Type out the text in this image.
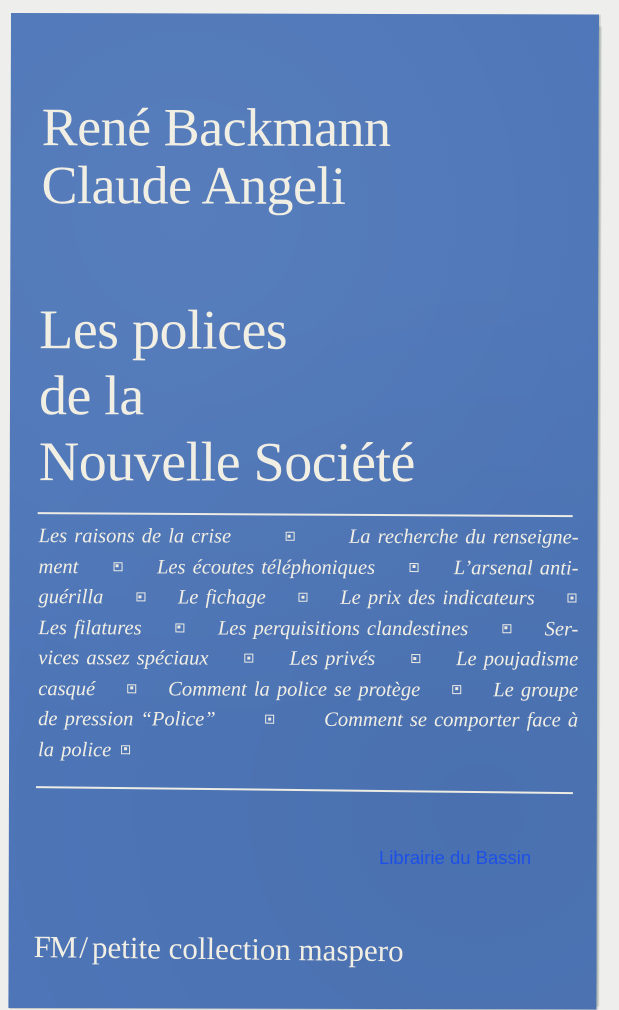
René Backmann
Claude Angeli
Les polices
de la
Nouvelle Société
Les raisons de la crise	La recherche du renseigne-
ment	Les écoutes téléphoniques	L’arsenal anti-
guérilla	Le fichage	Le prix des indicateurs
Les filatures	Les perquisitions clandestines	Ser-
vices assez spéciaux	Les privés	Le poujadisme
casqué	Comment la police se protège	Le groupe
de pression “Police”	Comment se comporter face à
la police
FM/ petite collection maspero
Librairie du Bassin
